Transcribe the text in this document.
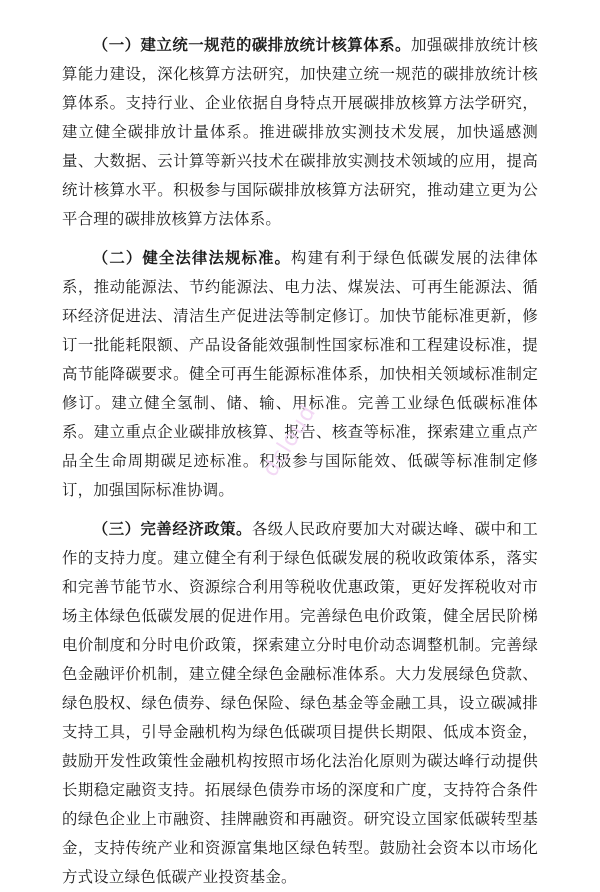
（一）建立统一规范的碳排放统计核算体系。加强碳排放统计核算能力建设，深化核算方法研究，加快建立统一规范的碳排放统计核算体系。支持行业、企业依据自身特点开展碳排放核算方法学研究，建立健全碳排放计量体系。推进碳排放实测技术发展，加快遥感测量、大数据、云计算等新兴技术在碳排放实测技术领域的应用，提高统计核算水平。积极参与国际碳排放核算方法研究，推动建立更为公平合理的碳排放核算方法体系。

（二）健全法律法规标准。构建有利于绿色低碳发展的法律体系，推动能源法、节约能源法、电力法、煤炭法、可再生能源法、循环经济促进法、清洁生产促进法等制定修订。加快节能标准更新，修订一批能耗限额、产品设备能效强制性国家标准和工程建设标准，提高节能降碳要求。健全可再生能源标准体系，加快相关领域标准制定修订。建立健全氢制、储、输、用标准。完善工业绿色低碳标准体系。建立重点企业碳排放核算、报告、核查等标准，探索建立重点产品全生命周期碳足迹标准。积极参与国际能效、低碳等标准制定修订，加强国际标准协调。

（三）完善经济政策。各级人民政府要加大对碳达峰、碳中和工作的支持力度。建立健全有利于绿色低碳发展的税收政策体系，落实和完善节能节水、资源综合利用等税收优惠政策，更好发挥税收对市场主体绿色低碳发展的促进作用。完善绿色电价政策，健全居民阶梯电价制度和分时电价政策，探索建立分时电价动态调整机制。完善绿色金融评价机制，建立健全绿色金融标准体系。大力发展绿色贷款、绿色股权、绿色债券、绿色保险、绿色基金等金融工具，设立碳减排支持工具，引导金融机构为绿色低碳项目提供长期限、低成本资金，鼓励开发性政策性金融机构按照市场化法治化原则为碳达峰行动提供长期稳定融资支持。拓展绿色债券市场的深度和广度，支持符合条件的绿色企业上市融资、挂牌融资和再融资。研究设立国家低碳转型基金，支持传统产业和资源富集地区绿色转型。鼓励社会资本以市场化方式设立绿色低碳产业投资基金。

dcloud
